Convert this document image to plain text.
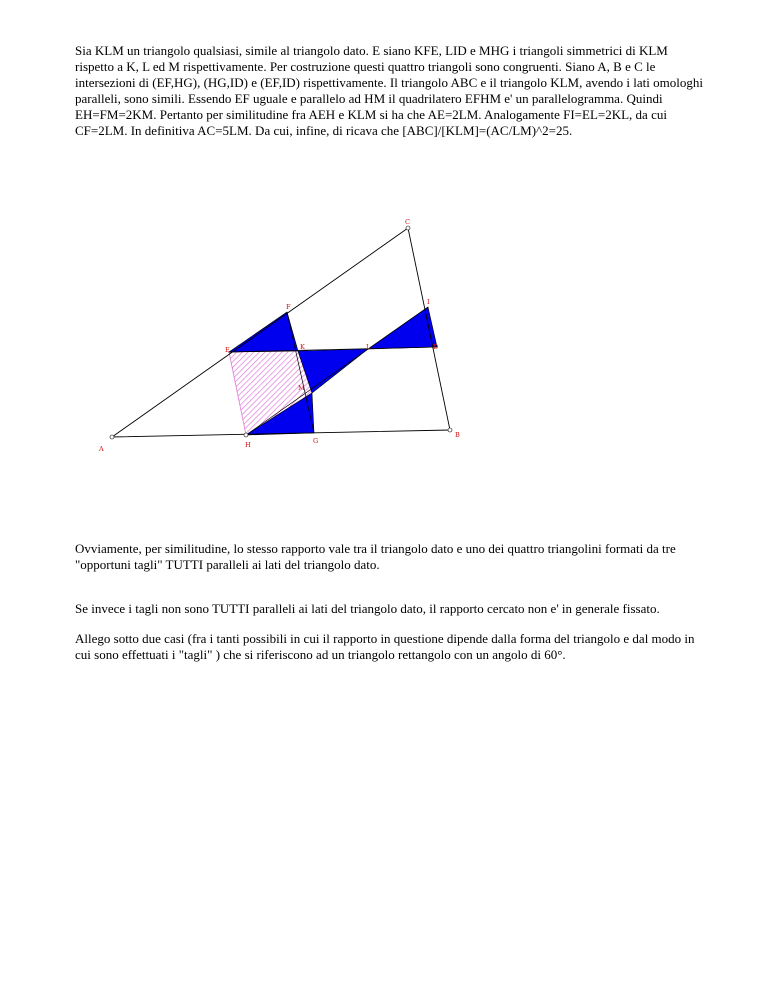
Sia KLM un triangolo qualsiasi, simile al triangolo dato. E siano KFE, LID e MHG i triangoli simmetrici di KLM rispetto a K, L ed M rispettivamente. Per costruzione questi quattro triangoli sono congruenti. Siano A, B e C le intersezioni di (EF,HG), (HG,ID) e (EF,ID) rispettivamente. Il triangolo ABC e il triangolo KLM, avendo i lati omologhi paralleli, sono simili. Essendo EF uguale e parallelo ad HM il quadrilatero EFHM e' un parallelogramma. Quindi EH=FM=2KM. Pertanto per similitudine fra AEH e KLM si ha che AE=2LM. Analogamente FI=EL=2KL, da cui CF=2LM. In definitiva AC=5LM. Da cui, infine, di ricava che [ABC]/[KLM]=(AC/LM)^2=25.

A
B
C
D
E
F
G
H
I
K	L
M

Ovviamente, per similitudine, lo stesso rapporto vale tra il triangolo dato e uno dei quattro triangolini formati da tre "opportuni tagli" TUTTI paralleli ai lati del triangolo dato.

Se invece i tagli non sono TUTTI paralleli ai lati del triangolo dato, il rapporto cercato non e' in generale fissato.

Allego sotto due casi (fra i tanti possibili in cui il rapporto in questione dipende dalla forma del triangolo e dal modo in cui sono effettuati i "tagli" ) che si riferiscono ad un triangolo rettangolo con un angolo di 60°.
